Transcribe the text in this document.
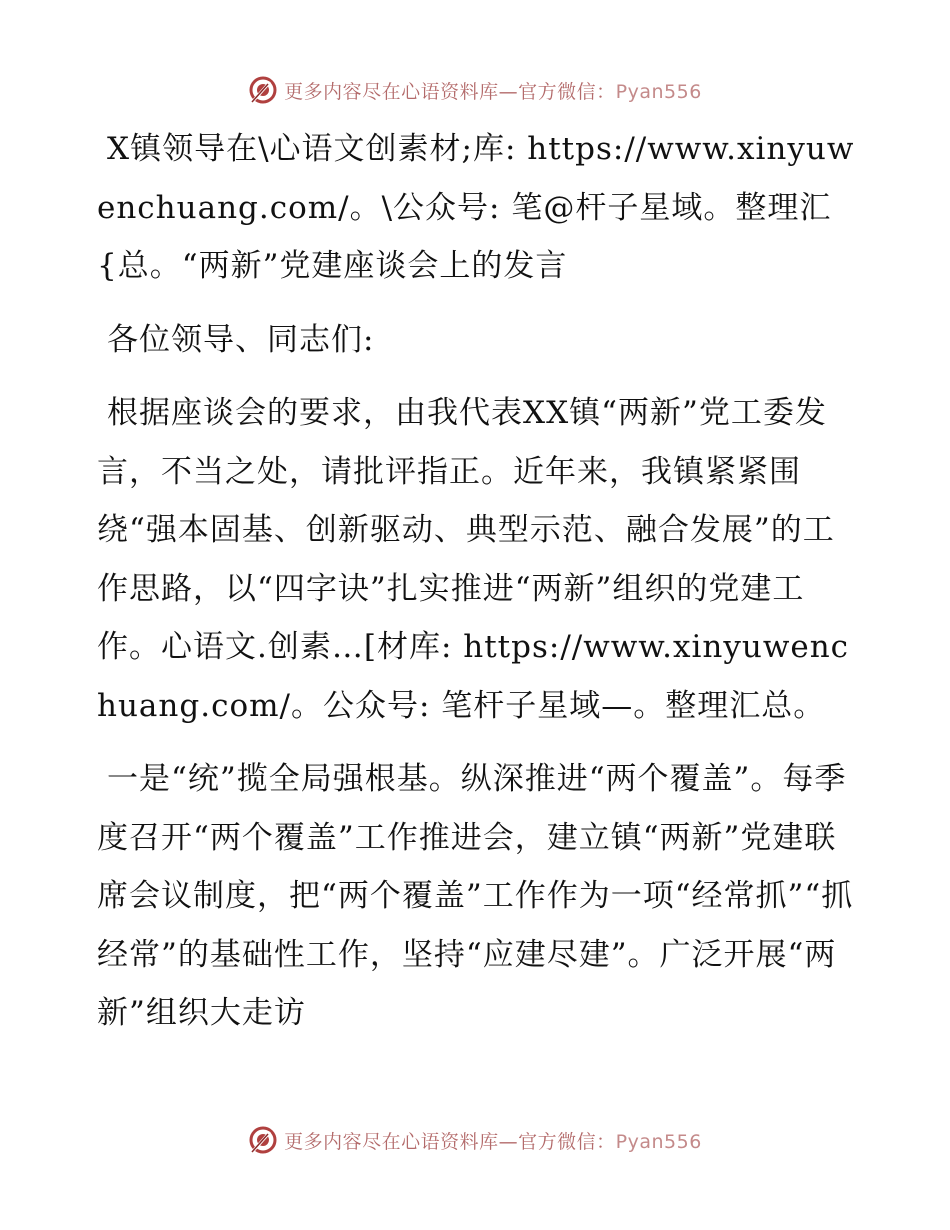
更多内容尽在心语资料库—官方微信：Pyan556

X镇领导在\心语文创素材;库: https://www.xinyuwenchuang.com/。\公众号: 笔@杆子星域。整理汇{总。“两新”党建座谈会上的发言

各位领导、同志们:

根据座谈会的要求，由我代表XX镇“两新”党工委发言，不当之处，请批评指正。近年来，我镇紧紧围绕“强本固基、创新驱动、典型示范、融合发展”的工作思路，以“四字诀”扎实推进“两新”组织的党建工作。心语文.创素…[材库: https://www.xinyuwenchuang.com/。公众号: 笔杆子星域—。整理汇总。

一是“统”揽全局强根基。纵深推进“两个覆盖”。每季度召开“两个覆盖”工作推进会，建立镇“两新”党建联席会议制度，把“两个覆盖”工作作为一项“经常抓”“抓经常”的基础性工作，坚持“应建尽建”。广泛开展“两新”组织大走访

更多内容尽在心语资料库—官方微信：Pyan556
